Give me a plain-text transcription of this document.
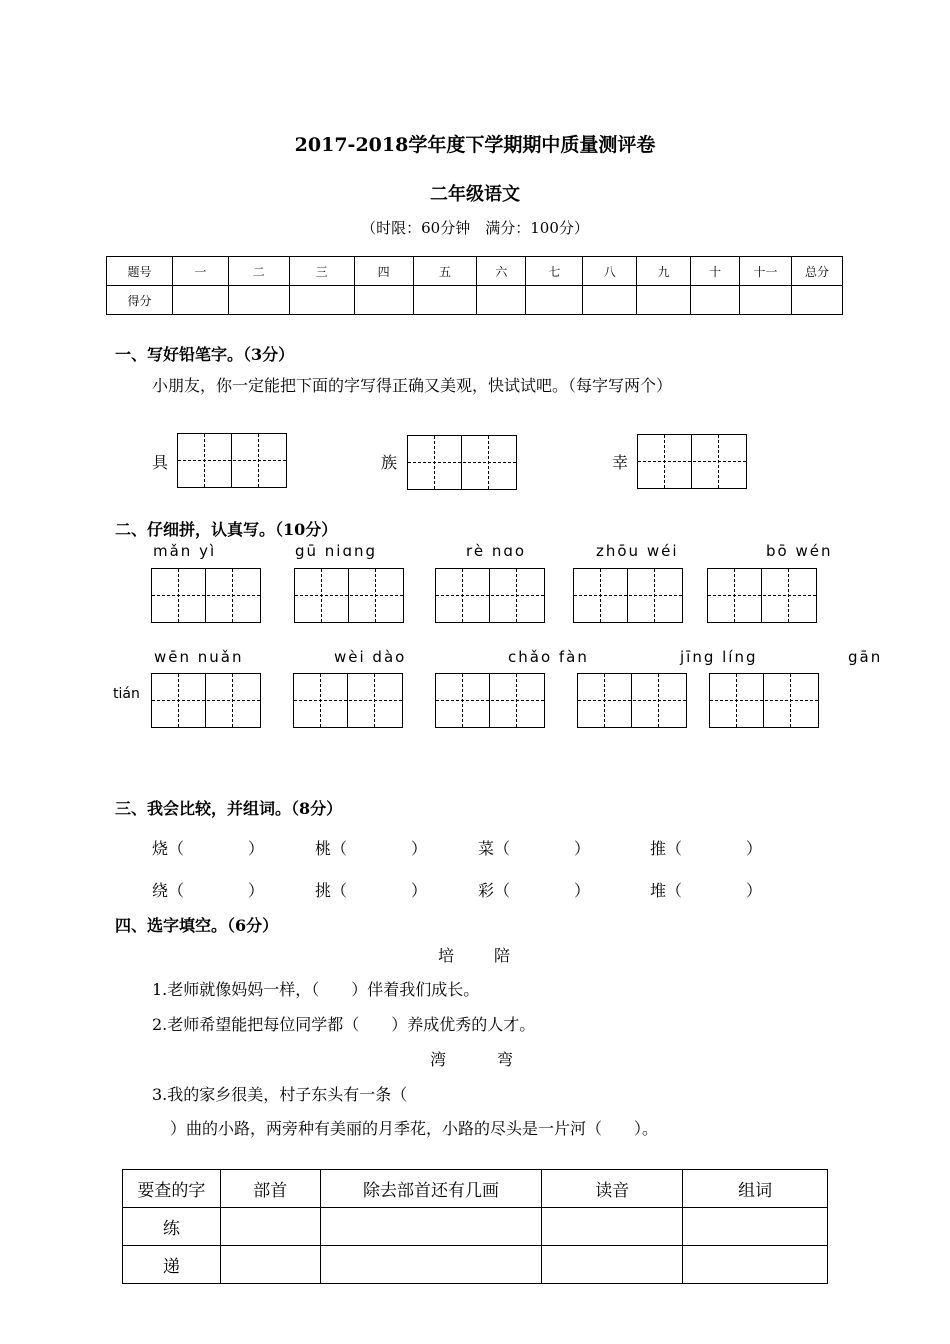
2017-2018学年度下学期期中质量测评卷
二年级语文
（时限：60分钟　满分：100分）
题号	一	二	三	四	五	六	七	八	九	十	十一	总分
得分												
一、写好铅笔字。（3分）
小朋友，你一定能把下面的字写得正确又美观，快试试吧。（每字写两个）
具	族	幸
二、仔细拼，认真写。（10分）
mǎn yì	gū niɑng	rè nɑo	zhōu wéi	bō wén
wēn nuǎn	wèi dào	chǎo fàn	jīng líng	gān
tián
三、我会比较，并组词。（8分）
烧（　　　　）	桃（　　　　）	菜（　　　　）	推（　　　　）
绕（　　　　）	挑（　　　　）	彩（　　　　）	堆（　　　　）
四、选字填空。（6分）
培 陪
1.老师就像妈妈一样，（　　）伴着我们成长。
2.老师希望能把每位同学都（　　）养成优秀的人才。
湾	弯
3.我的家乡很美，村子东头有一条（
）曲的小路，两旁种有美丽的月季花，小路的尽头是一片河（　　）。
要查的字	部首	除去部首还有几画	读音	组词
练				
递				
